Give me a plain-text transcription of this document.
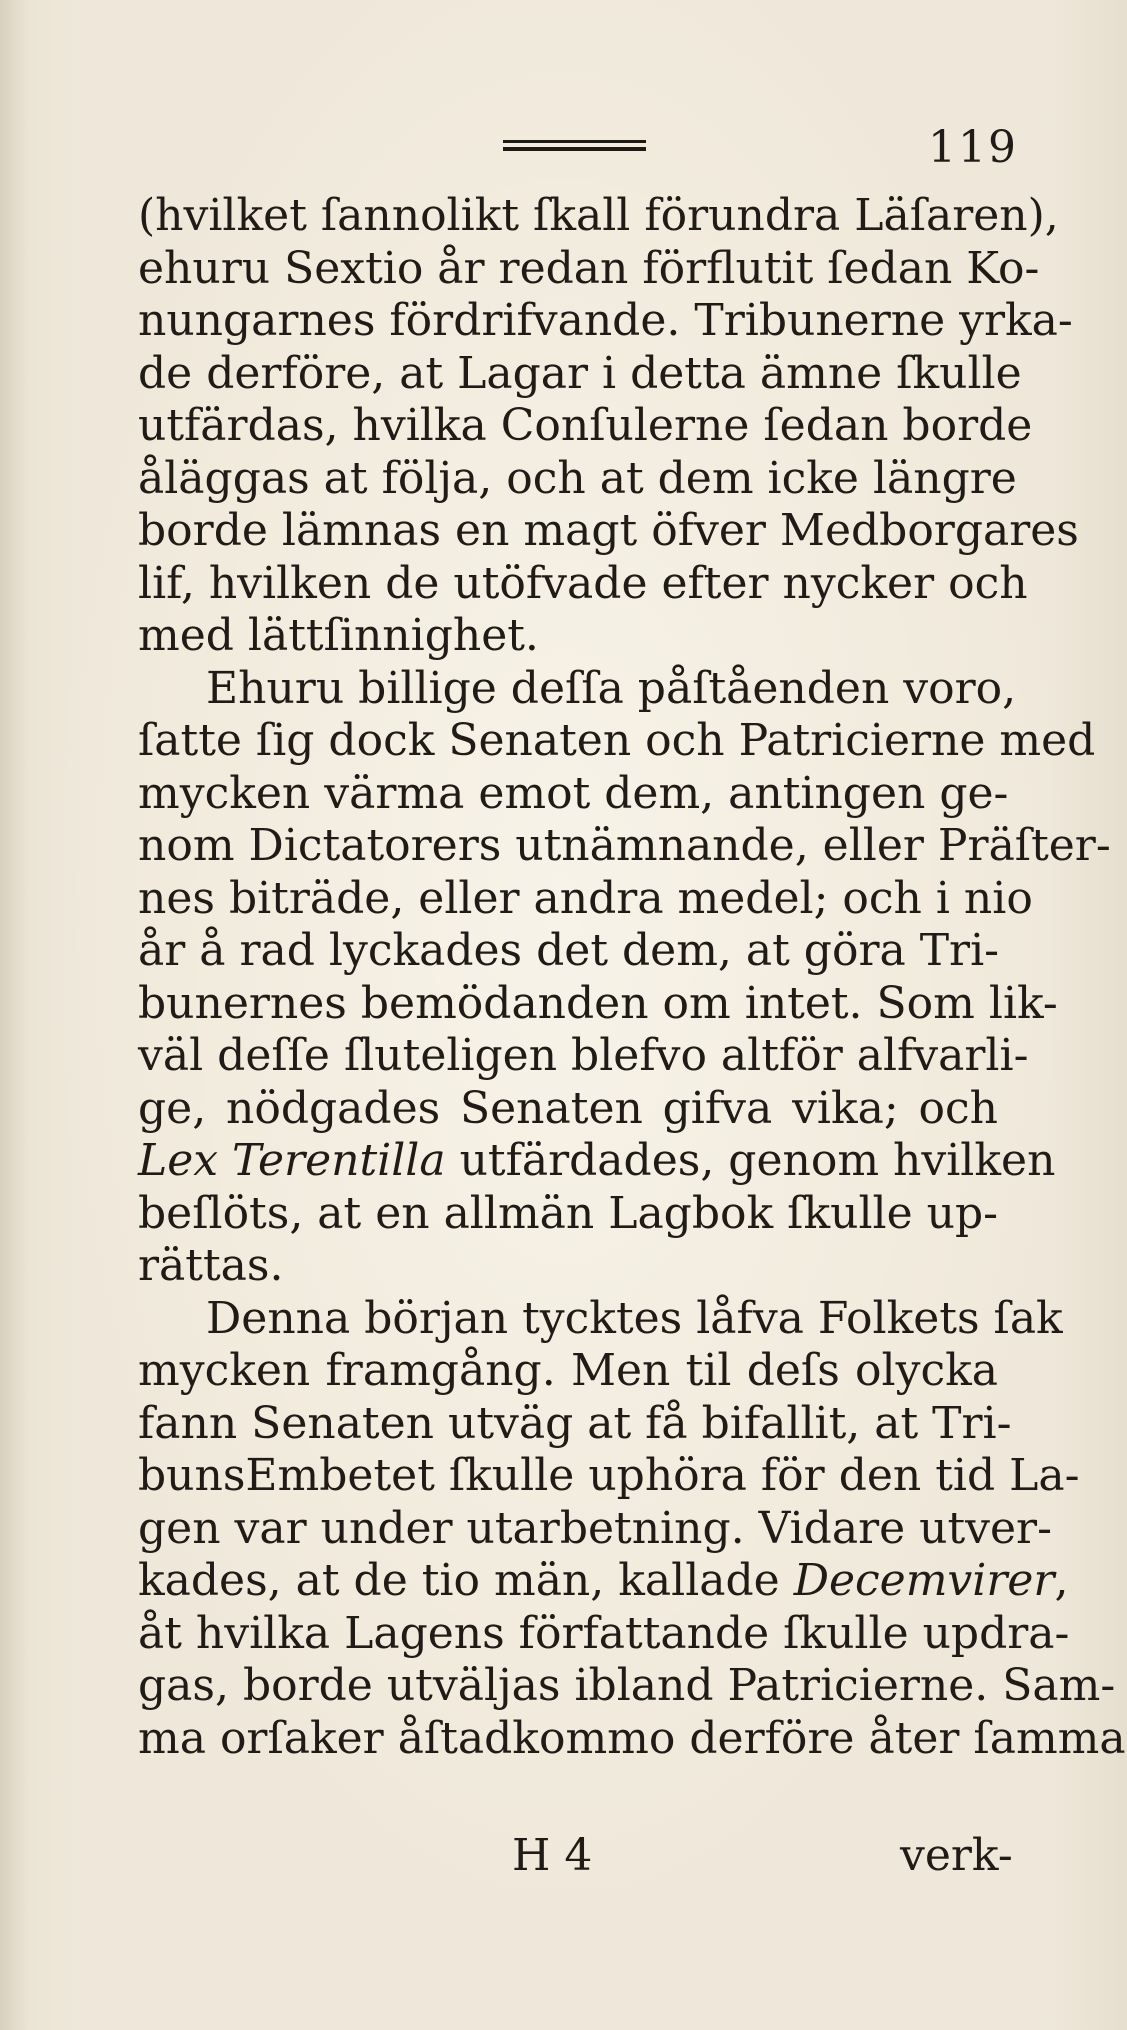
119
(hvilket ſannolikt ſkall förundra Läſaren),
ehuru Sextio år redan förflutit ſedan Ko-
nungarnes fördrifvande. Tribunerne yrka-
de derföre, at Lagar i detta ämne ſkulle
utfärdas, hvilka Conſulerne ſedan borde
åläggas at följa, och at dem icke längre
borde lämnas en magt öfver Medborgares
lif, hvilken de utöfvade efter nycker och
med lättſinnighet.
Ehuru billige deſſa påſtåenden voro,
ſatte ſig dock Senaten och Patricierne med
mycken värma emot dem, antingen ge-
nom Dictatorers utnämnande, eller Präſter-
nes biträde, eller andra medel; och i nio
år å rad lyckades det dem, at göra Tri-
bunernes bemödanden om intet. Som lik-
väl deſſe ſluteligen blefvo altför alfvarli-
ge, nödgades Senaten gifva vika; och
Lex Terentilla utfärdades, genom hvilken
beſlöts, at en allmän Lagbok ſkulle up-
rättas.
Denna början tycktes låfva Folkets ſak
mycken framgång. Men til deſs olycka
fann Senaten utväg at få bifallit, at Tri-
bunsEmbetet ſkulle uphöra för den tid La-
gen var under utarbetning. Vidare utver-
kades, at de tio män, kallade Decemvirer,
åt hvilka Lagens författande ſkulle updra-
gas, borde utväljas ibland Patricierne. Sam-
ma orſaker åſtadkommo derföre åter ſamma
H 4	verk-
